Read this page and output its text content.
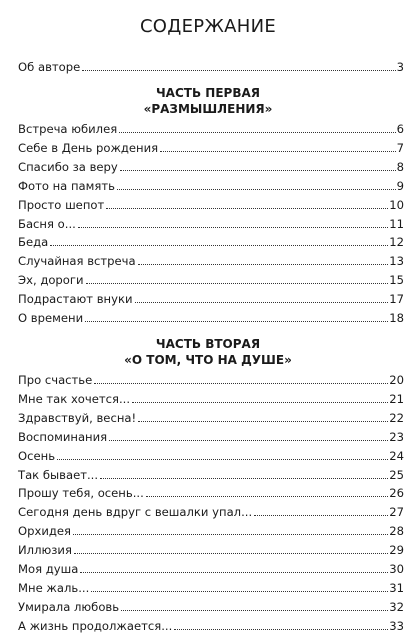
СОДЕРЖАНИЕ
Об авторе	3
ЧАСТЬ ПЕРВАЯ
«РАЗМЫШЛЕНИЯ»
Встреча юбилея	6
Себе в День рождения	7
Спасибо за веру	8
Фото на память	9
Просто шепот	10
Басня о...	11
Беда	12
Случайная встреча	13
Эх, дороги	15
Подрастают внуки	17
О времени	18
ЧАСТЬ ВТОРАЯ
«О ТОМ, ЧТО НА ДУШЕ»
Про счастье	20
Мне так хочется...	21
Здравствуй, весна!	22
Воспоминания	23
Осень	24
Так бывает...	25
Прошу тебя, осень...	26
Сегодня день вдруг с вешалки упал...	27
Орхидея	28
Иллюзия	29
Моя душа	30
Мне жаль...	31
Умирала любовь	32
А жизнь продолжается...	33
